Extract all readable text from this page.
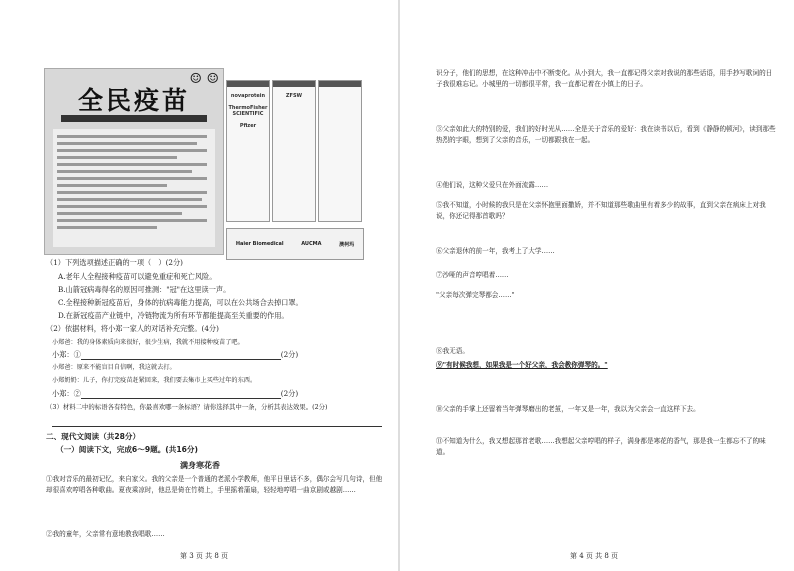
全民疫苗
☺ ☺

novaprotein
ThermoFisher SCIENTIFIC
Pfizer

ZFSW

Haier Biomedical	AUCMA	澳柯玛
（1）下列选项描述正确的一项（　）(2分)
A.老年人全程接种疫苗可以避免重症和死亡风险。
B.山箭冠病毒得名的原因可推测："冠"在这里读一声。
C.全程接种新冠疫苗后，身体的抗病毒能力提高，可以在公共场合去掉口罩。
D.在新冠疫苗产业链中，冷链物流为所有环节都能提高至关重要的作用。
（2）依据材料，将小郑一家人的对话补充完整。(4分)
小郑爸：我的身体素质向来很好，很少生病，我就不用接种疫苗了吧。
小郑：①	(2分)
小郑爸：原来不能盲目自信啊，我这就去打。
小郑奶奶：儿子，你打完疫苗赶紧回来，我们要去集市上买些过年的东西。
小郑：②	(2分)
（3）材料二中的标语各有特色，你最喜欢哪一条标语？请你选择其中一条，分析其表达效果。(2分)
二、现代文阅读（共28分）
（一）阅读下文，完成6～9题。(共16分)
满身寒花香
①我对音乐的最初记忆，来自家父。我的父亲是一个普通的老派小学教师，他平日里话不多，偶尔会写几句诗，但他却很喜欢哼唱各种歌曲。夏夜乘凉时，他总是倚在竹椅上，手里摇着蒲扇，轻轻地哼唱一曲京剧或越剧……
②我的童年，父亲常有意地教我唱歌……
第 3 页 共 8 页
识分子，他们的思想，在这种冲击中不断变化。从小到大，我一直都记得父亲对我说的那些话语，用手抄写歌词的日子我很难忘记。小城里的一切都很平常，我一直都记着在小镇上的日子。
③父亲如此大的特别的爱，我们的好时光从……全是关于音乐的爱好：我在读书以后，看到《静静的顿河》，读到那些热烈的字眼，想到了父亲的音乐，一切都跟我在一起。
④他们说，这种父爱只在外面流露……
⑤我不知道，小时候的我只是在父亲怀抱里面撒娇，并不知道那些歌曲里有着多少的故事，直到父亲在病床上对我说，你还记得那首歌吗？
⑥父亲退休的前一年，我考上了大学……
⑦沙哑的声音哼唱着……
"父亲每次弹完琴都会……"
⑧我无语。
⑨"有时候我想，如果我是一个好父亲，我会教你弹琴的。"
⑩父亲的手掌上还留着当年弹琴磨出的老茧，一年又是一年，我以为父亲会一直这样下去。
⑪不知道为什么，我又想起那首老歌……我想起父亲哼唱的样子，满身都是寒花的香气，那是我一生都忘不了的味道。
第 4 页 共 8 页
